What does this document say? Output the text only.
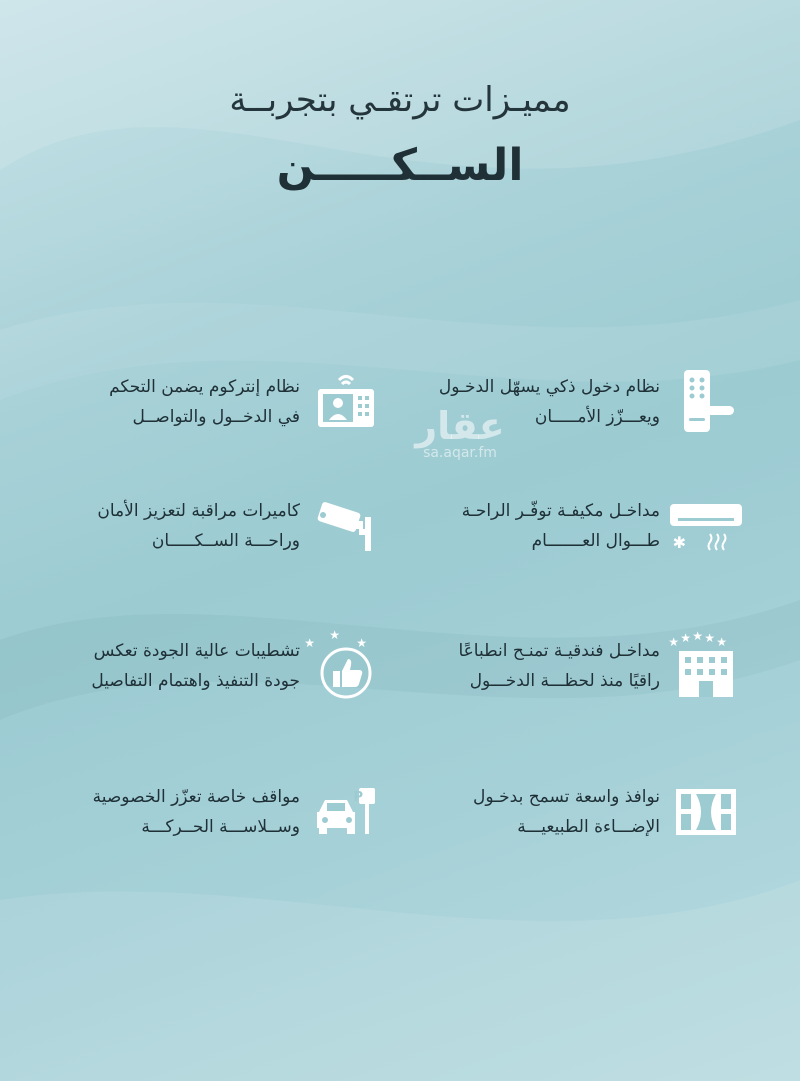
مميـزات ترتقـي بتجربــة
الســكـــــن
نظام دخول ذكي يسهّل الدخـول
ويعـــزّز الأمـــــان
نظام إنتركوم يضمن التحكم
في الدخــول والتواصــل
✱
مداخـل مكيفـة توفّـر الراحـة
طـــوال العـــــــام
كاميرات مراقبة لتعزيز الأمان
وراحـــة الســكـــــان
★ ★ ★ ★ ★
مداخـل فندقيـة تمنـح انطباعًا
راقيًا منذ لحظـــة الدخـــول
★
★
★
تشطيبات عالية الجودة تعكس
جودة التنفيذ واهتمام التفاصيل
نوافذ واسعة تسمح بدخـول
الإضـــاءة الطبيعيـــة
P
مواقف خاصة تعزّز الخصوصية
وســلاســـة الحــركـــة
عقار
sa.aqar.fm
